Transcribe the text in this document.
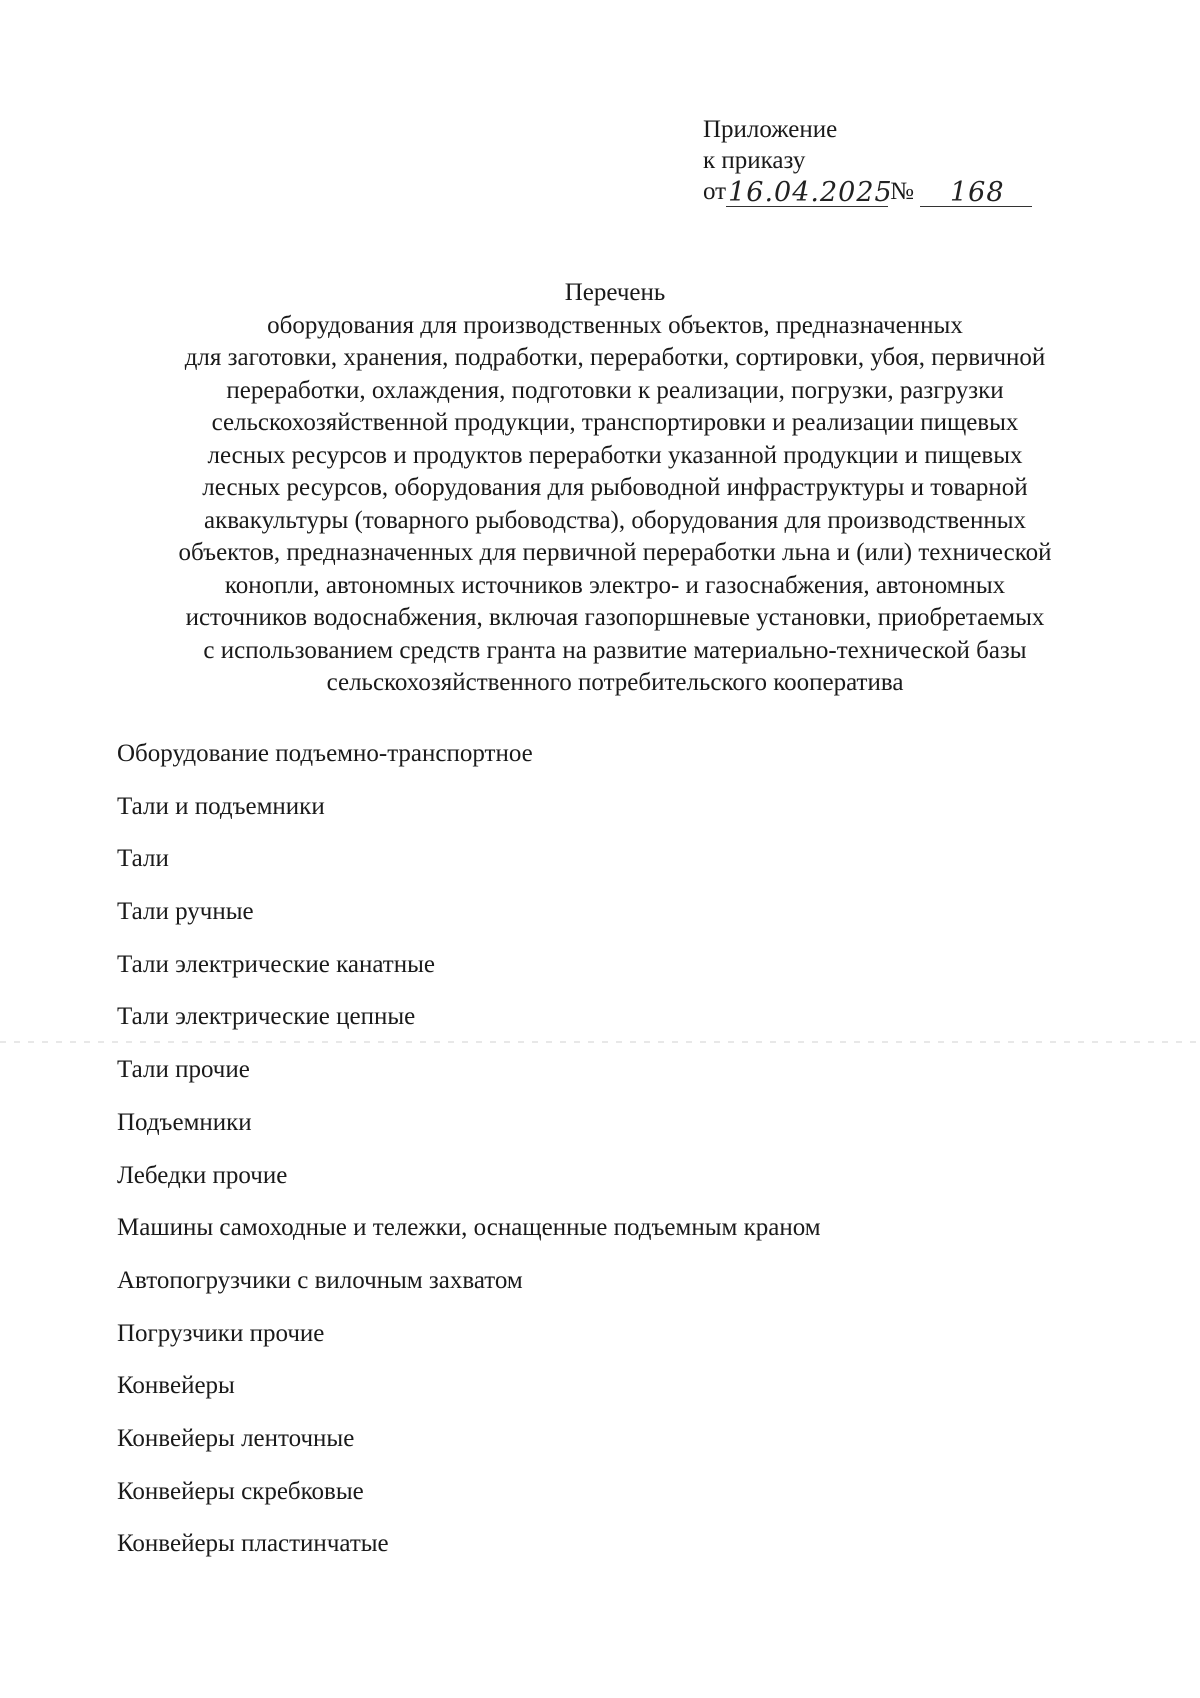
Приложение
к приказу
от 16.04.2025
№	168
Перечень
оборудования для производственных объектов, предназначенных
для заготовки, хранения, подработки, переработки, сортировки, убоя, первичной
переработки, охлаждения, подготовки к реализации, погрузки, разгрузки
сельскохозяйственной продукции, транспортировки и реализации пищевых
лесных ресурсов и продуктов переработки указанной продукции и пищевых
лесных ресурсов, оборудования для рыбоводной инфраструктуры и товарной
аквакультуры (товарного рыбоводства), оборудования для производственных
объектов, предназначенных для первичной переработки льна и (или) технической
конопли, автономных источников электро- и газоснабжения, автономных
источников водоснабжения, включая газопоршневые установки, приобретаемых
с использованием средств гранта на развитие материально-технической базы
сельскохозяйственного потребительского кооператива
Оборудование подъемно-транспортное
Тали и подъемники
Тали
Тали ручные
Тали электрические канатные
Тали электрические цепные
Тали прочие
Подъемники
Лебедки прочие
Машины самоходные и тележки, оснащенные подъемным краном
Автопогрузчики с вилочным захватом
Погрузчики прочие
Конвейеры
Конвейеры ленточные
Конвейеры скребковые
Конвейеры пластинчатые
